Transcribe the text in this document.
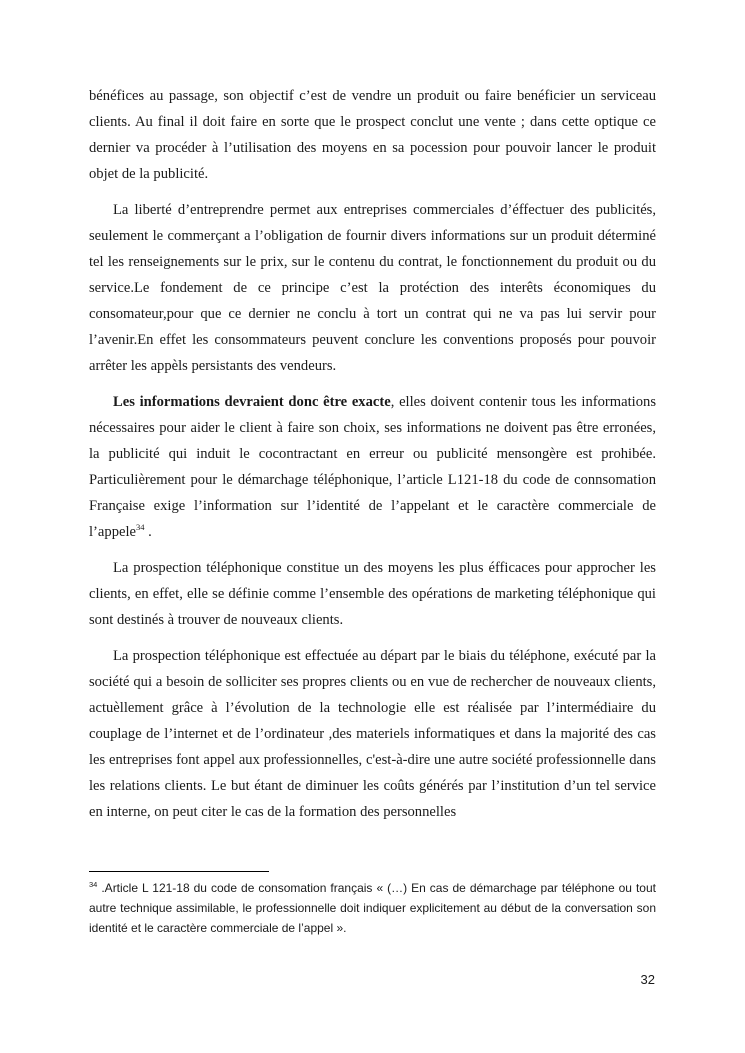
bénéfices au passage, son objectif c’est de vendre un produit ou faire benéficier un serviceau clients. Au final il doit faire en sorte que le prospect conclut une vente ; dans cette optique ce dernier va procéder à l’utilisation des moyens en sa pocession pour pouvoir lancer le produit objet de la publicité.

La liberté d’entreprendre permet aux entreprises commerciales d’éffectuer des publicités, seulement le commerçant a l’obligation de fournir divers informations sur un produit déterminé tel les renseignements sur le prix, sur le contenu du contrat, le fonctionnement du produit ou du service.Le fondement de ce principe c’est la protéction des interêts économiques du consomateur,pour que ce dernier ne conclu à tort un contrat qui ne va pas lui servir pour l’avenir.En effet les consommateurs peuvent conclure les conventions proposés pour pouvoir arrêter les appèls persistants des vendeurs.

Les informations devraient donc être exacte, elles doivent contenir tous les informations nécessaires pour aider le client à faire son choix, ses informations ne doivent pas être erronées, la publicité qui induit le cocontractant en erreur ou publicité mensongère est prohibée. Particulièrement pour le démarchage téléphonique, l’article L121-18 du code de connsomation Française exige l’information sur l’identité de l’appelant et le caractère commerciale de l’appele$^{34}$ .

La prospection téléphonique constitue un des moyens les plus éfficaces pour approcher les clients, en effet, elle se définie comme l’ensemble des opérations de marketing téléphonique qui sont destinés à trouver de nouveaux clients.

La prospection téléphonique est effectuée au départ par le biais du téléphone, exécuté par la société qui a besoin de solliciter ses propres clients ou en vue de rechercher de nouveaux clients, actuèllement grâce à l’évolution de la technologie elle est réalisée par l’intermédiaire du couplage de l’internet et de l’ordinateur ,des materiels informatiques et dans la majorité des cas les entreprises font appel aux professionnelles, c'est-à-dire une autre société professionnelle dans les relations clients. Le but étant de diminuer les coûts générés par l’institution d’un tel service en interne, on peut citer le cas de la formation des personnelles

$^{34}$ .Article L 121-18 du code de consomation français « (…) En cas de démarchage par téléphone ou tout autre technique assimilable, le professionnelle doit indiquer explicitement au début de la conversation son identité et le caractère commerciale de l’appel ».
32
